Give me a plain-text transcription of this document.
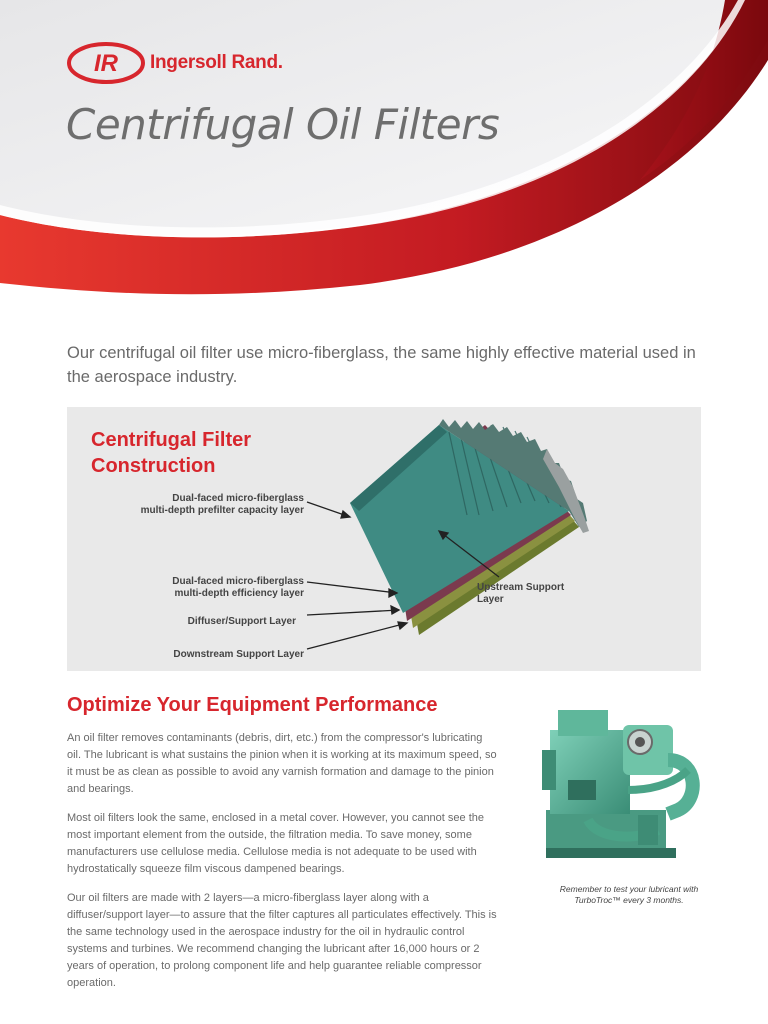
IR Ingersoll Rand.
Centrifugal Oil Filters
Our centrifugal oil filter use micro-fiberglass, the same highly effective material used in the aerospace industry.
Centrifugal Filter Construction
Dual-faced micro-fiberglass
multi-depth prefilter capacity layer
Dual-faced micro-fiberglass
multi-depth efficiency layer
Diffuser/Support Layer
Downstream Support Layer
Upstream Support Layer
Optimize Your Equipment Performance

An oil filter removes contaminants (debris, dirt, etc.) from the compressor's lubricating oil. The lubricant is what sustains the pinion when it is working at its maximum speed, so it must be as clean as possible to avoid any varnish formation and damage to the pinion and bearings.

Most oil filters look the same, enclosed in a metal cover. However, you cannot see the most important element from the outside, the filtration media. To save money, some manufacturers use cellulose media. Cellulose media is not adequate to be used with hydrostatically squeeze film viscous dampened bearings.

Our oil filters are made with 2 layers—a micro-fiberglass layer along with a diffuser/support layer—to assure that the filter captures all particulates effectively. This is the same technology used in the aerospace industry for the oil in hydraulic control systems and turbines. We recommend changing the lubricant after 16,000 hours or 2 years of operation, to prolong component life and help guarantee reliable compressor operation.

Remember to test your lubricant with TurboTroc™ every 3 months.
